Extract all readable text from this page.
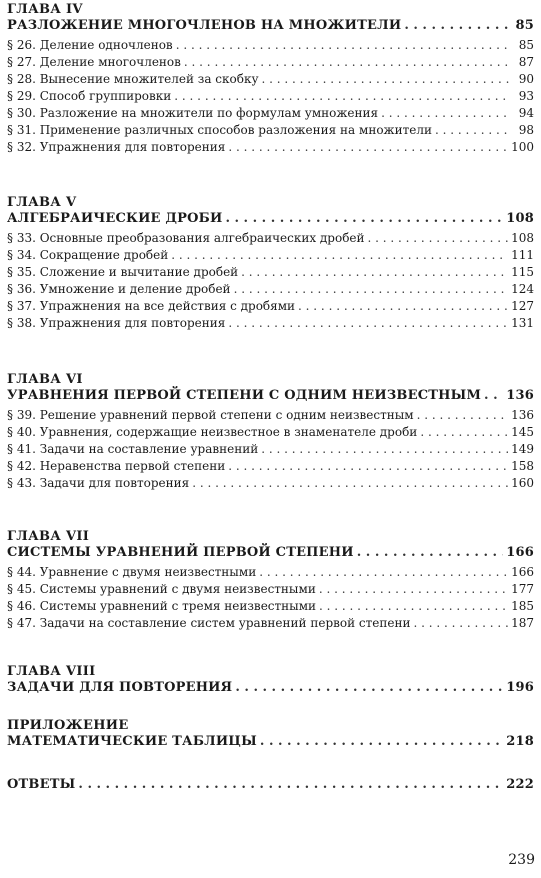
ГЛАВА IV
РАЗЛОЖЕНИЕ МНОГОЧЛЕНОВ НА МНОЖИТЕЛИ . . .	85
§ 26. Деление одночленов . . .	85
§ 27. Деление многочленов . . .	87
§ 28. Вынесение множителей за скобку . . .	90
§ 29. Способ группировки . . .	93
§ 30. Разложение на множители по формулам умножения . . .	94
§ 31. Применение различных способов разложения на множители . . .	98
§ 32. Упражнения для повторения . . .	100
ГЛАВА V
АЛГЕБРАИЧЕСКИЕ ДРОБИ . . .	108
§ 33. Основные преобразования алгебраических дробей . . .	108
§ 34. Сокращение дробей . . .	111
§ 35. Сложение и вычитание дробей . . .	115
§ 36. Умножение и деление дробей . . .	124
§ 37. Упражнения на все действия с дробями . . .	127
§ 38. Упражнения для повторения . . .	131
ГЛАВА VI
УРАВНЕНИЯ ПЕРВОЙ СТЕПЕНИ С ОДНИМ НЕИЗВЕСТНЫМ . . . 136
§ 39. Решение уравнений первой степени с одним неизвестным . . .	136
§ 40. Уравнения, содержащие неизвестное в знаменателе дроби . . .	145
§ 41. Задачи на составление уравнений . . .	149
§ 42. Неравенства первой степени . . .	158
§ 43. Задачи для повторения . . .	160
ГЛАВА VII
СИСТЕМЫ УРАВНЕНИЙ ПЕРВОЙ СТЕПЕНИ . . .	166
§ 44. Уравнение с двумя неизвестными . . .	166
§ 45. Системы уравнений с двумя неизвестными . . .	177
§ 46. Системы уравнений с тремя неизвестными . . .	185
§ 47. Задачи на составление систем уравнений первой степени . . .	187
ГЛАВА VIII
ЗАДАЧИ ДЛЯ ПОВТОРЕНИЯ . . .	196
ПРИЛОЖЕНИЕ
МАТЕМАТИЧЕСКИЕ ТАБЛИЦЫ . . .	218
ОТВЕТЫ . . .	222
239
